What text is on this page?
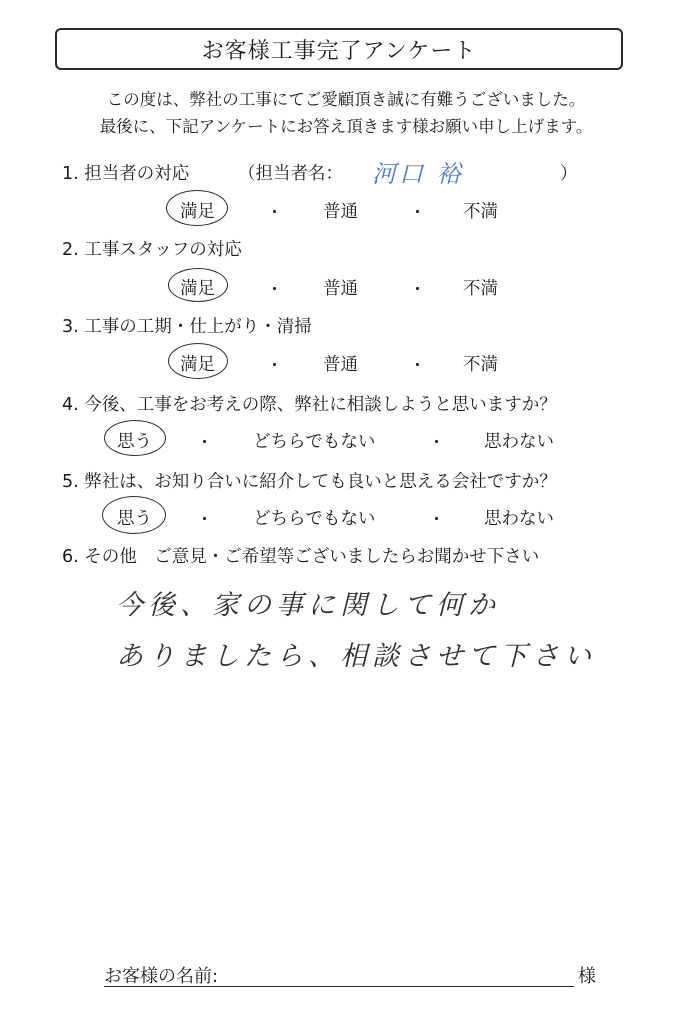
お客様工事完了アンケート
この度は、弊社の工事にてご愛顧頂き誠に有難うございました。
最後に、下記アンケートにお答え頂きます様お願い申し上げます。
1. 担当者の対応	（担当者名： 河口 裕	）
満足	・ 普通	・ 不満
2. 工事スタッフの対応
満足	・ 普通	・ 不満
3. 工事の工期・仕上がり・清掃
満足	・ 普通	・ 不満
4. 今後、工事をお考えの際、弊社に相談しようと思いますか？
思う	・ どちらでもない	・ 思わない
5. 弊社は、お知り合いに紹介しても良いと思える会社ですか？
思う	・ どちらでもない	・ 思わない
6. その他　ご意見・ご希望等ございましたらお聞かせ下さい
今後、家の事に関して何か
ありましたら、相談させて下さい
お客様の名前:	様
